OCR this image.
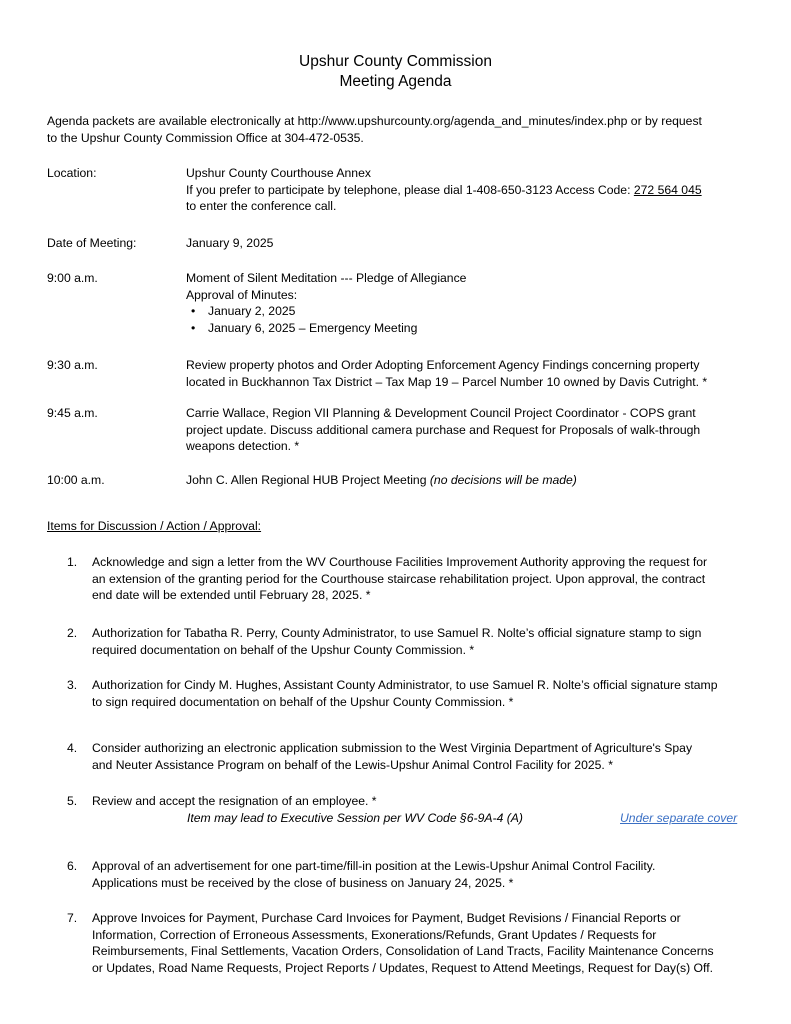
Upshur County Commission
Meeting Agenda
Agenda packets are available electronically at http://www.upshurcounty.org/agenda_and_minutes/index.php or by request
to the Upshur County Commission Office at 304-472-0535.
Location:	Upshur County Courthouse Annex
If you prefer to participate by telephone, please dial 1-408-650-3123 Access Code: 272 564 045
to enter the conference call.
Date of Meeting:	January 9, 2025
9:00 a.m.	Moment of Silent Meditation --- Pledge of Allegiance
Approval of Minutes:
• January 2, 2025
• January 6, 2025 – Emergency Meeting
9:30 a.m.	Review property photos and Order Adopting Enforcement Agency Findings concerning property
located in Buckhannon Tax District – Tax Map 19 – Parcel Number 10 owned by Davis Cutright. *
9:45 a.m.	Carrie Wallace, Region VII Planning & Development Council Project Coordinator - COPS grant
project update. Discuss additional camera purchase and Request for Proposals of walk-through
weapons detection. *
10:00 a.m.	John C. Allen Regional HUB Project Meeting (no decisions will be made)
Items for Discussion / Action / Approval:
1.	Acknowledge and sign a letter from the WV Courthouse Facilities Improvement Authority approving the request for
an extension of the granting period for the Courthouse staircase rehabilitation project. Upon approval, the contract
end date will be extended until February 28, 2025. *
2.	Authorization for Tabatha R. Perry, County Administrator, to use Samuel R. Nolte’s official signature stamp to sign
required documentation on behalf of the Upshur County Commission. *
3.	Authorization for Cindy M. Hughes, Assistant County Administrator, to use Samuel R. Nolte’s official signature stamp
to sign required documentation on behalf of the Upshur County Commission. *
4.	Consider authorizing an electronic application submission to the West Virginia Department of Agriculture's Spay
and Neuter Assistance Program on behalf of the Lewis-Upshur Animal Control Facility for 2025. *
5.	Review and accept the resignation of an employee. *
Item may lead to Executive Session per WV Code §6-9A-4 (A)	Under separate cover
6.	Approval of an advertisement for one part-time/fill-in position at the Lewis-Upshur Animal Control Facility.
Applications must be received by the close of business on January 24, 2025. *
7.	Approve Invoices for Payment, Purchase Card Invoices for Payment, Budget Revisions / Financial Reports or
Information, Correction of Erroneous Assessments, Exonerations/Refunds, Grant Updates / Requests for
Reimbursements, Final Settlements, Vacation Orders, Consolidation of Land Tracts, Facility Maintenance Concerns
or Updates, Road Name Requests, Project Reports / Updates, Request to Attend Meetings, Request for Day(s) Off.
